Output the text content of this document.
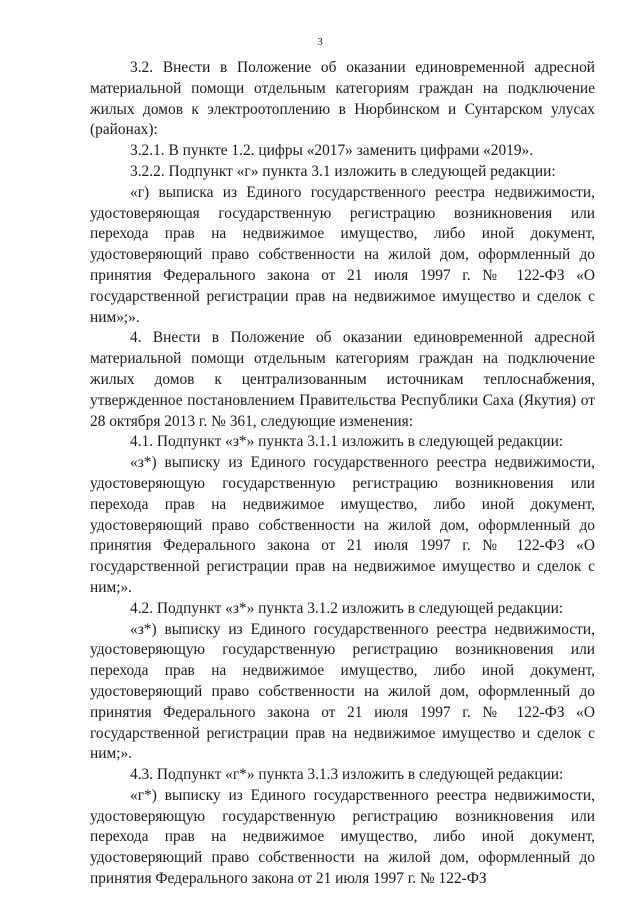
3

3.2. Внести в Положение об оказании единовременной адресной материальной помощи отдельным категориям граждан на подключение жилых домов к электроотоплению в Нюрбинском и Сунтарском улусах (районах):

3.2.1. В пункте 1.2. цифры «2017» заменить цифрами «2019».

3.2.2. Подпункт «г» пункта 3.1 изложить в следующей редакции:

«г) выписка из Единого государственного реестра недвижимости, удостоверяющая государственную регистрацию возникновения или перехода прав на недвижимое имущество, либо иной документ, удостоверяющий право собственности на жилой дом, оформленный до принятия Федерального закона от 21 июля 1997 г. № 122-ФЗ «О государственной регистрации прав на недвижимое имущество и сделок с ним»;».

4. Внести в Положение об оказании единовременной адресной материальной помощи отдельным категориям граждан на подключение жилых домов к централизованным источникам теплоснабжения, утвержденное постановлением Правительства Республики Саха (Якутия) от 28 октября 2013 г. № 361, следующие изменения:

4.1. Подпункт «з*» пункта 3.1.1 изложить в следующей редакции:

«з*) выписку из Единого государственного реестра недвижимости, удостоверяющую государственную регистрацию возникновения или перехода прав на недвижимое имущество, либо иной документ, удостоверяющий право собственности на жилой дом, оформленный до принятия Федерального закона от 21 июля 1997 г. № 122-ФЗ «О государственной регистрации прав на недвижимое имущество и сделок с ним;».

4.2. Подпункт «з*» пункта 3.1.2 изложить в следующей редакции:

«з*) выписку из Единого государственного реестра недвижимости, удостоверяющую государственную регистрацию возникновения или перехода прав на недвижимое имущество, либо иной документ, удостоверяющий право собственности на жилой дом, оформленный до принятия Федерального закона от 21 июля 1997 г. № 122-ФЗ «О государственной регистрации прав на недвижимое имущество и сделок с ним;».

4.3. Подпункт «г*» пункта 3.1.3 изложить в следующей редакции:

«г*) выписку из Единого государственного реестра недвижимости, удостоверяющую государственную регистрацию возникновения или перехода прав на недвижимое имущество, либо иной документ, удостоверяющий право собственности на жилой дом, оформленный до принятия Федерального закона от 21 июля 1997 г. № 122-ФЗ
